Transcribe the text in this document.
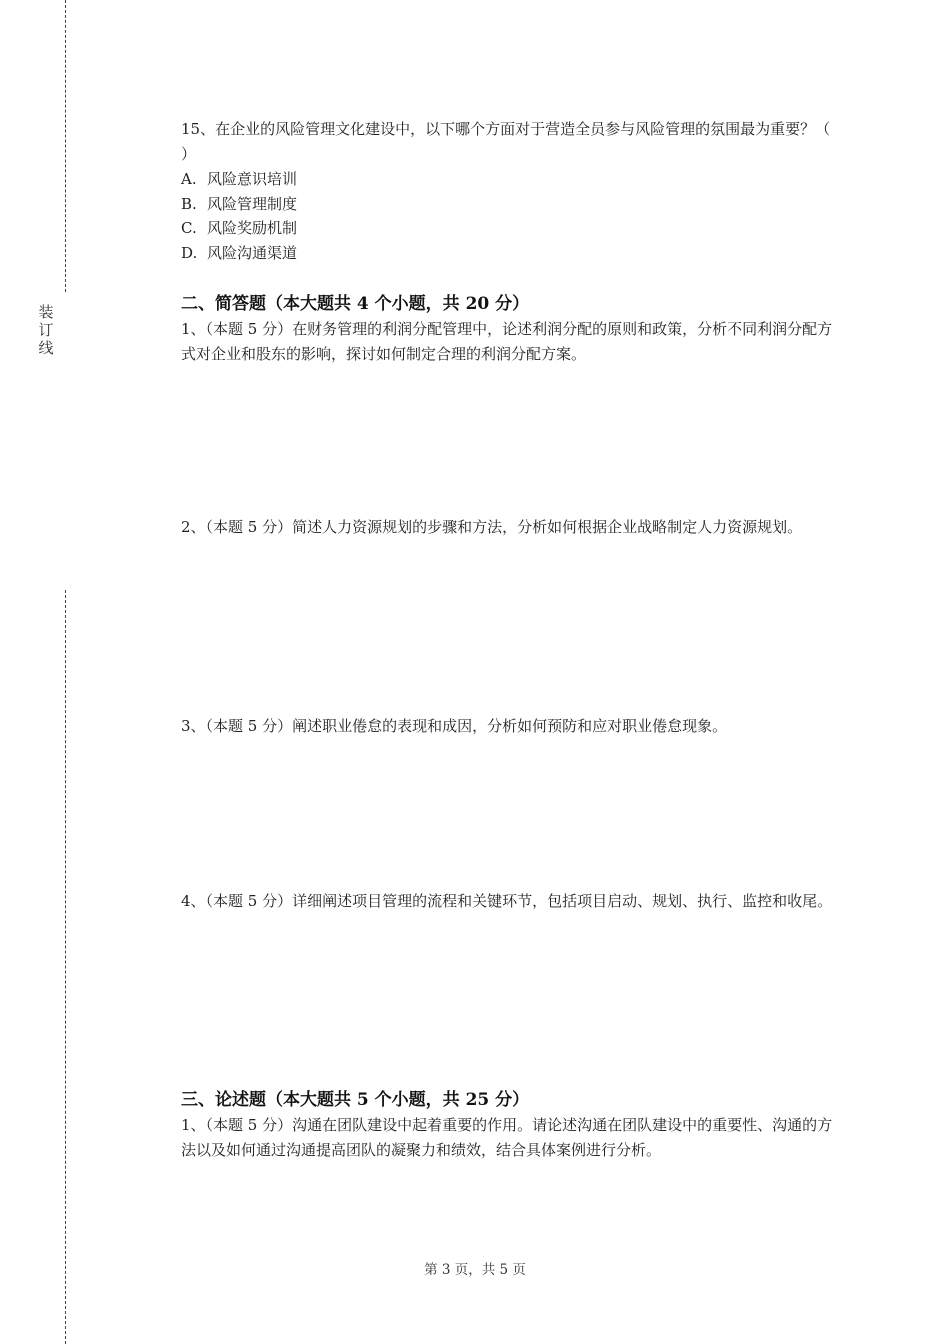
装
订
线

15、在企业的风险管理文化建设中，以下哪个方面对于营造全员参与风险管理的氛围最为重要？（ ）

A. 风险意识培训

B. 风险管理制度

C. 风险奖励机制

D. 风险沟通渠道

二、简答题（本大题共 4 个小题，共 20 分）

1、（本题 5 分）在财务管理的利润分配管理中，论述利润分配的原则和政策，分析不同利润分配方式对企业和股东的影响，探讨如何制定合理的利润分配方案。

2、（本题 5 分）简述人力资源规划的步骤和方法，分析如何根据企业战略制定人力资源规划。

3、（本题 5 分）阐述职业倦怠的表现和成因，分析如何预防和应对职业倦怠现象。

4、（本题 5 分）详细阐述项目管理的流程和关键环节，包括项目启动、规划、执行、监控和收尾。

三、论述题（本大题共 5 个小题，共 25 分）

1、（本题 5 分）沟通在团队建设中起着重要的作用。请论述沟通在团队建设中的重要性、沟通的方法以及如何通过沟通提高团队的凝聚力和绩效，结合具体案例进行分析。

第 3 页，共 5 页
